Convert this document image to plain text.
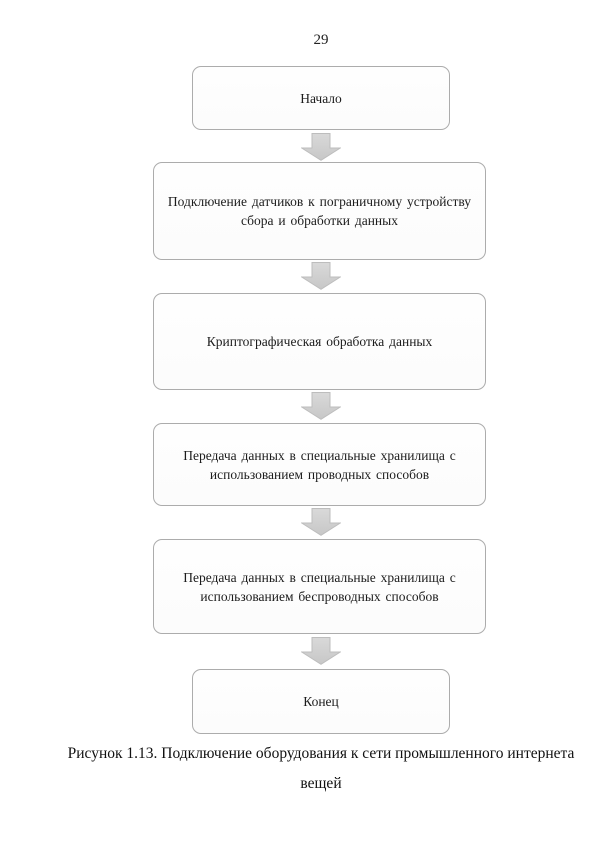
29
Начало
Подключение датчиков к пограничному устройству сбора и обработки данных
Криптографическая обработка данных
Передача данных в специальные хранилища с использованием проводных способов
Передача данных в специальные хранилища с использованием беспроводных способов
Конец
Рисунок 1.13. Подключение оборудования к сети промышленного интернета вещей
